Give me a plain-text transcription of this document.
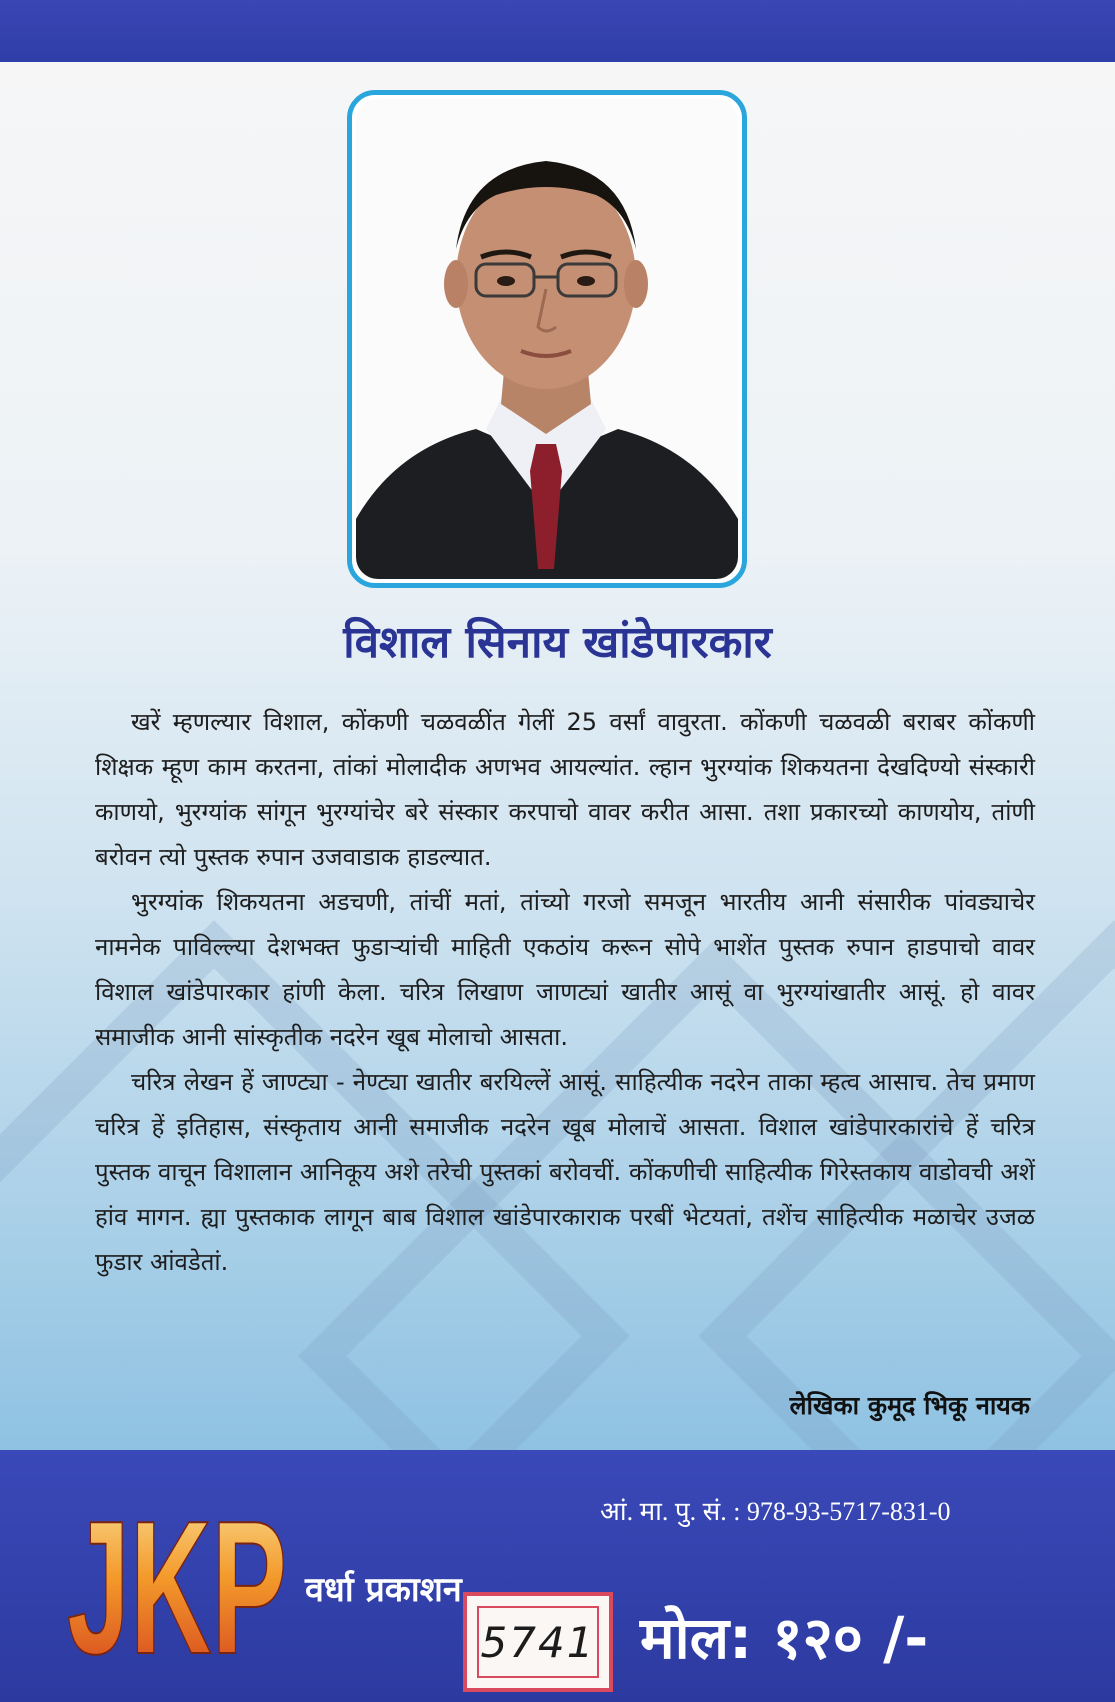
विशाल सिनाय खांडेपारकार

खरें म्हणल्यार विशाल, कोंकणी चळवळींत गेलीं 25 वर्सां वावुरता. कोंकणी चळवळी बराबर कोंकणी शिक्षक म्हूण काम करतना, तांकां मोलादीक अणभव आयल्यांत. ल्हान भुरग्यांक शिकयतना देखदिण्यो संस्कारी काणयो, भुरग्यांक सांगून भुरग्यांचेर बरे संस्कार करपाचो वावर करीत आसा. तशा प्रकारच्यो काणयोय, तांणी बरोवन त्यो पुस्तक रुपान उजवाडाक हाडल्यात.

भुरग्यांक शिकयतना अडचणी, तांचीं मतां, तांच्यो गरजो समजून भारतीय आनी संसारीक पांवड्याचेर नामनेक पाविल्ल्या देशभक्त फुडाऱ्यांची माहिती एकठांय करून सोपे भाशेंत पुस्तक रुपान हाडपाचो वावर विशाल खांडेपारकार हांणी केला. चरित्र लिखाण जाणट्यां खातीर आसूं वा भुरग्यांखातीर आसूं. हो वावर समाजीक आनी सांस्कृतीक नदरेन खूब मोलाचो आसता.

चरित्र लेखन हें जाण्ट्या - नेण्ट्या खातीर बरयिल्लें आसूं. साहित्यीक नदरेन ताका म्हत्व आसाच. तेच प्रमाण चरित्र हें इतिहास, संस्कृताय आनी समाजीक नदरेन खूब मोलाचें आसता. विशाल खांडेपारकारांचे हें चरित्र पुस्तक वाचून विशालान आनिकूय अशे तरेची पुस्तकां बरोवचीं. कोंकणीची साहित्यीक गिरेस्तकाय वाडोवची अशें हांव मागन. ह्या पुस्तकाक लागून बाब विशाल खांडेपारकाराक परबीं भेटयतां, तशेंच साहित्यीक मळाचेर उजळ फुडार आंवडेतां.

लेखिका कुमूद भिकू नायक
JKP	आं. मा. पु. सं. : 978-93-5717-831-0
वर्धा प्रकाशन
5741 मोल: १२० /-
